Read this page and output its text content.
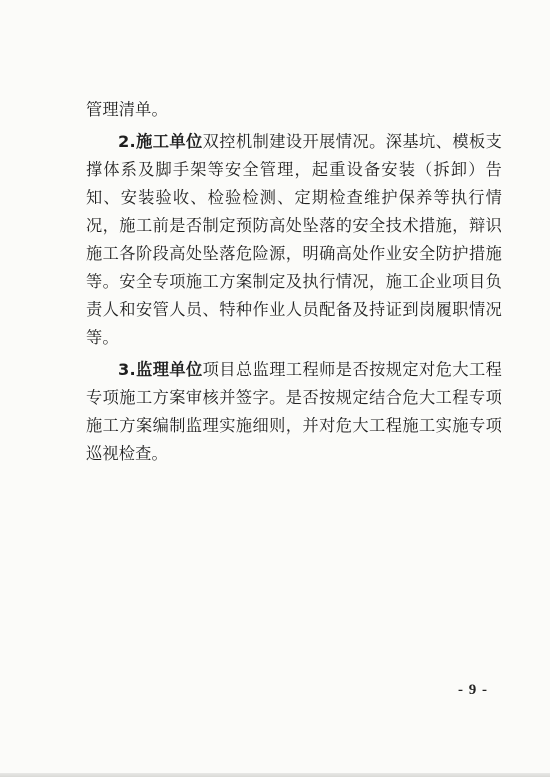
管理清单。

2.施工单位双控机制建设开展情况。深基坑、模板支撑体系及脚手架等安全管理，起重设备安装（拆卸）告知、安装验收、检验检测、定期检查维护保养等执行情况，施工前是否制定预防高处坠落的安全技术措施，辩识施工各阶段高处坠落危险源，明确高处作业安全防护措施等。安全专项施工方案制定及执行情况，施工企业项目负责人和安管人员、特种作业人员配备及持证到岗履职情况等。

3.监理单位项目总监理工程师是否按规定对危大工程专项施工方案审核并签字。是否按规定结合危大工程专项施工方案编制监理实施细则，并对危大工程施工实施专项巡视检查。

- 9 -
